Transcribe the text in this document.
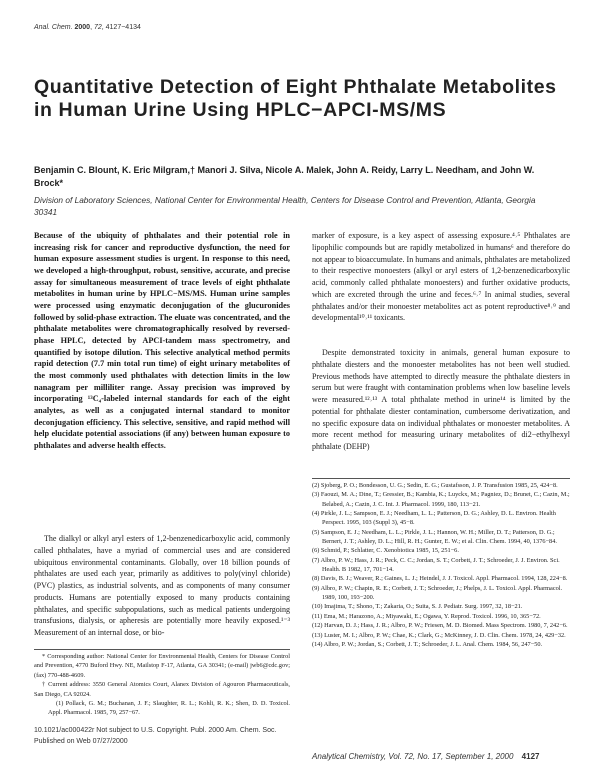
Anal. Chem. 2000, 72, 4127−4134
Quantitative Detection of Eight Phthalate Metabolites in Human Urine Using HPLC−APCI-MS/MS
Benjamin C. Blount, K. Eric Milgram,† Manori J. Silva, Nicole A. Malek, John A. Reidy, Larry L. Needham, and John W. Brock*
Division of Laboratory Sciences, National Center for Environmental Health, Centers for Disease Control and Prevention, Atlanta, Georgia 30341
Because of the ubiquity of phthalates and their potential role in increasing risk for cancer and reproductive dysfunction, the need for human exposure assessment studies is urgent. In response to this need, we developed a high-throughput, robust, sensitive, accurate, and precise assay for simultaneous measurement of trace levels of eight phthalate metabolites in human urine by HPLC−MS/MS. Human urine samples were processed using enzymatic deconjugation of the glucuronides followed by solid-phase extraction. The eluate was concentrated, and the phthalate metabolites were chromatographically resolved by reversed-phase HPLC, detected by APCI-tandem mass spectrometry, and quantified by isotope dilution. This selective analytical method permits rapid detection (7.7 min total run time) of eight urinary metabolites of the most commonly used phthalates with detection limits in the low nanagram per milliliter range. Assay precision was improved by incorporating ¹³C₄-labeled internal standards for each of the eight analytes, as well as a conjugated internal standard to monitor deconjugation efficiency. This selective, sensitive, and rapid method will help elucidate potential associations (if any) between human exposure to phthalates and adverse health effects.
The dialkyl or alkyl aryl esters of 1,2-benzenedicarboxylic acid, commonly called phthalates, have a myriad of commercial uses and are considered ubiquitous environmental contaminants. Globally, over 18 billion pounds of phthalates are used each year, primarily as additives to poly(vinyl chloride) (PVC) plastics, as industrial solvents, and as components of many consumer products. Humans are potentially exposed to many products containing phthalates, and specific subpopulations, such as medical patients undergoing transfusions, dialysis, or apheresis are potentially more heavily exposed.¹⁻³ Measurement of an internal dose, or bio-

* Corresponding author: National Center for Environmental Health, Centers for Disease Control and Prevention, 4770 Buford Hwy. NE, Mailstop F-17, Atlanta, GA 30341; (e-mail) jwb6@cdc.gov; (fax) 770-488-4609.

† Current address: 3550 General Atomics Court, Alanex Division of Agouron Pharmaceuticals, San Diego, CA 92024.

(1) Pollack, G. M.; Buchanan, J. F.; Slaughter, R. L.; Kohli, R. K.; Shen, D. D. Toxicol. Appl. Pharmacol. 1985, 79, 257−67.

10.1021/ac000422r Not subject to U.S. Copyright. Publ. 2000 Am. Chem. Soc.
Published on Web 07/27/2000
marker of exposure, is a key aspect of assessing exposure.⁴˒⁵ Phthalates are lipophilic compounds but are rapidly metabolized in humans⁶ and therefore do not appear to bioaccumulate. In humans and animals, phthalates are metabolized to their respective monoesters (alkyl or aryl esters of 1,2-benzenedicarboxylic acid, commonly called phthalate monoesters) and further oxidative products, which are excreted through the urine and feces.⁶˒⁷ In animal studies, several phthalates and/or their monoester metabolites act as potent reproductive⁸˒⁹ and developmental¹⁰˒¹¹ toxicants.
Despite demonstrated toxicity in animals, general human exposure to phthalate diesters and the monoester metabolites has not been well studied. Previous methods have attempted to directly measure the phthalate diesters in serum but were fraught with contamination problems when low baseline levels were measured.¹²˒¹³ A total phthalate method in urine¹⁴ is limited by the potential for phthalate diester contamination, cumbersome derivatization, and no specific exposure data on individual phthalates or monoester metabolites. A more recent method for measuring urinary metabolites of di2−ethylhexyl phthalate (DEHP)

(2) Sjoberg, P. O.; Bondesson, U. G.; Sedin, E. G.; Gustafsson, J. P. Transfusion 1985, 25, 424−8.

(3) Faouzi, M. A.; Dine, T.; Gressier, B.; Kambia, K.; Luyckx, M.; Pagniez, D.; Brunet, C.; Cazin, M.; Belabed, A.; Cazin, J. C. Int. J. Pharmacol. 1999, 180, 113−21.

(4) Pirkle, J. L.; Sampson, E. J.; Needham, L. L.; Patterson, D. G.; Ashley, D. L. Environ. Health Perspect. 1995, 103 (Suppl 3), 45−8.

(5) Sampson, E. J.; Needham, L. L.; Pirkle, J. L.; Hannon, W. H.; Miller, D. T.; Patterson, D. G.; Bernert, J. T.; Ashley, D. L.; Hill, R. H.; Gunter, E. W.; et al. Clin. Chem. 1994, 40, 1376−84.

(6) Schmid, P.; Schlatter, C. Xenobiotica 1985, 15, 251−6.

(7) Albro, P. W.; Hass, J. R.; Peck, C. C.; Jordan, S. T.; Corbett, J. T.; Schroeder, J. J. Environ. Sci. Health. B 1982, 17, 701−14.

(8) Davis, B. J.; Weaver, R.; Gaines, L. J.; Heindel, J. J. Toxicol. Appl. Pharmacol. 1994, 128, 224−8.

(9) Albro, P. W.; Chapin, R. E.; Corbett, J. T.; Schroeder, J.; Phelps, J. L. Toxicol. Appl. Pharmacol. 1989, 100, 193−200.

(10) Imajima, T.; Shono, T.; Zakaria, O.; Suita, S. J. Pediatr. Surg. 1997, 32, 18−21.

(11) Ema, M.; Harazono, A.; Miyawaki, E.; Ogawa, Y. Reprod. Toxicol. 1996, 10, 365−72.

(12) Harvan, D. J.; Hass, J. R.; Albro, P. W.; Friesen, M. D. Biomed. Mass Spectrom. 1980, 7, 242−6.

(13) Luster, M. I.; Albro, P. W.; Chae, K.; Clark, G.; McKinney, J. D. Clin. Chem. 1978, 24, 429−32.

(14) Albro, P. W.; Jordan, S.; Corbett, J. T.; Schroeder, J. L. Anal. Chem. 1984, 56, 247−50.

Analytical Chemistry, Vol. 72, No. 17, September 1, 2000 4127
